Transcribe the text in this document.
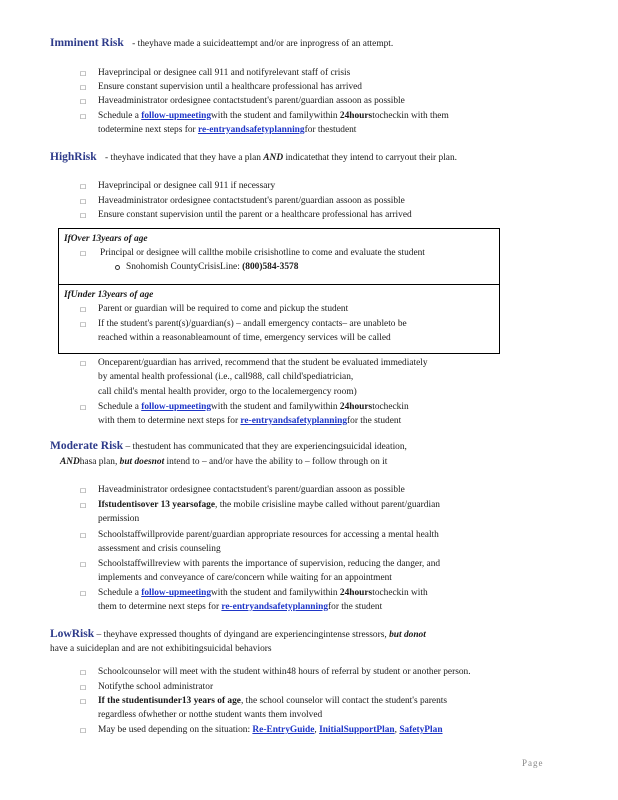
Imminent Risk - theyhave made a suicideattempt and/or are inprogress of an attempt.
□ Haveprincipal or designee call 911 and notifyrelevant staff of crisis
□ Ensure constant supervision until a healthcare professional has arrived
□ Haveadministrator ordesignee contactstudent's parent/guardian assoon as possible
□ Schedule a follow-upmeetingwith the student and familywithin 24hourstocheckin with them
todetermine next steps for re-entryandsafetyplanningfor thestudent
HighRisk - theyhave indicated that they have a plan AND indicatethat they intend to carryout their plan.
□ Haveprincipal or designee call 911 if necessary
□ Haveadministrator ordesignee contactstudent's parent/guardian assoon as possible
□ Ensure constant supervision until the parent or a healthcare professional has arrived
IfOver 13years of age
□ Principal or designee will callthe mobile crisishotline to come and evaluate the student
Snohomish CountyCrisisLine: (800)584-3578
IfUnder 13years of age
□ Parent or guardian will be required to come and pickup the student
□ If the student's parent(s)/guardian(s) – andall emergency contacts– are unableto be
reached within a reasonableamount of time, emergency services will be called
□ Onceparent/guardian has arrived, recommend that the student be evaluated immediately
by amental health professional (i.e., call988, call child'spediatrician,
call child's mental health provider, orgo to the localemergency room)
□ Schedule a follow-upmeetingwith the student and familywithin 24hourstocheckin
with them to determine next steps for re-entryandsafetyplanningfor the student
Moderate Risk – thestudent has communicated that they are experiencingsuicidal ideation,
ANDhasa plan, but doesnot intend to – and/or have the ability to – follow through on it
□ Haveadministrator ordesignee contactstudent's parent/guardian assoon as possible
□ Ifstudentisover 13 yearsofage, the mobile crisisline maybe called without parent/guardian
permission
□ Schoolstaffwillprovide parent/guardian appropriate resources for accessing a mental health
assessment and crisis counseling
□ Schoolstaffwillreview with parents the importance of supervision, reducing the danger, and
implements and conveyance of care/concern while waiting for an appointment
□ Schedule a follow-upmeetingwith the student and familywithin 24hourstocheckin with
them to determine next steps for re-entryandsafetyplanningfor the student
LowRisk – theyhave expressed thoughts of dyingand are experiencingintense stressors, but donot
have a suicideplan and are not exhibitingsuicidal behaviors
□ Schoolcounselor will meet with the student within48 hours of referral by student or another person.
□ Notifythe school administrator
□ If the studentisunder13 years of age, the school counselor will contact the student's parents
regardless ofwhether or notthe student wants them involved
□ May be used depending on the situation: Re-EntryGuide, InitialSupportPlan, SafetyPlan
Page
